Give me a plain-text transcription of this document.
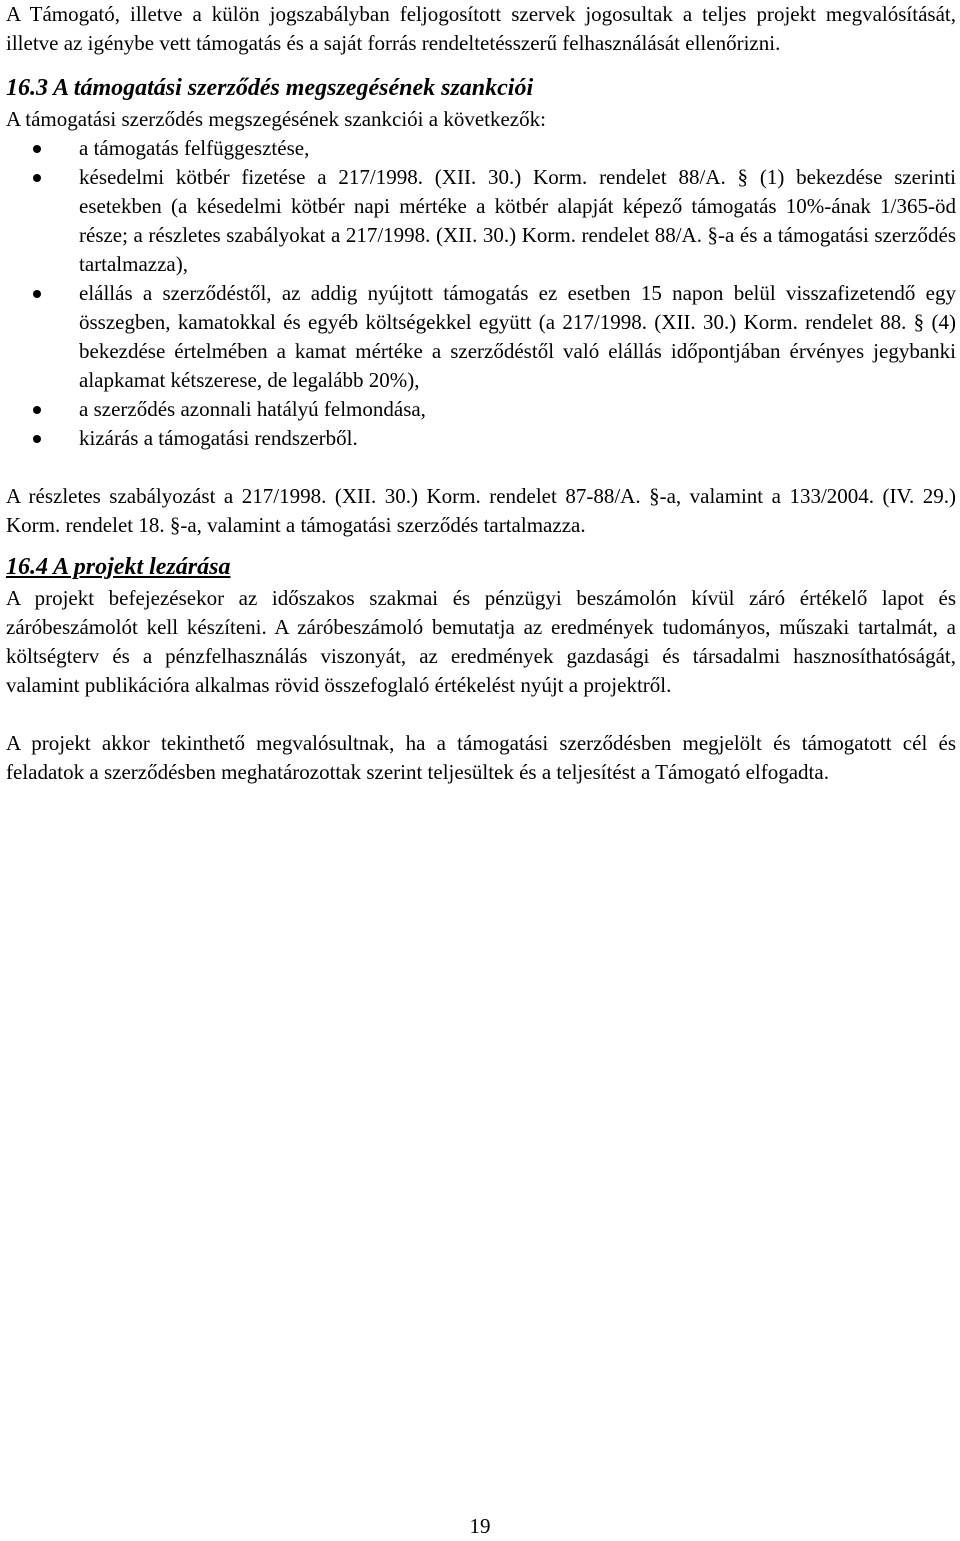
A Támogató, illetve a külön jogszabályban feljogosított szervek jogosultak a teljes projekt megvalósítását, illetve az igénybe vett támogatás és a saját forrás rendeltetésszerű felhasználását ellenőrizni.

16.3 A támogatási szerződés megszegésének szankciói

A támogatási szerződés megszegésének szankciói a következők:

a támogatás felfüggesztése,
késedelmi kötbér fizetése a 217/1998. (XII. 30.) Korm. rendelet 88/A. § (1) bekezdése szerinti esetekben (a késedelmi kötbér napi mértéke a kötbér alapját képező támogatás 10%-ának 1/365-öd része; a részletes szabályokat a 217/1998. (XII. 30.) Korm. rendelet 88/A. §-a és a támogatási szerződés tartalmazza),
elállás a szerződéstől, az addig nyújtott támogatás ez esetben 15 napon belül visszafizetendő egy összegben, kamatokkal és egyéb költségekkel együtt (a 217/1998. (XII. 30.) Korm. rendelet 88. § (4) bekezdése értelmében a kamat mértéke a szerződéstől való elállás időpontjában érvényes jegybanki alapkamat kétszerese, de legalább 20%),
a szerződés azonnali hatályú felmondása,
kizárás a támogatási rendszerből.

A részletes szabályozást a 217/1998. (XII. 30.) Korm. rendelet 87-88/A. §-a, valamint a 133/2004. (IV. 29.) Korm. rendelet 18. §-a, valamint a támogatási szerződés tartalmazza.

16.4 A projekt lezárása

A projekt befejezésekor az időszakos szakmai és pénzügyi beszámolón kívül záró értékelő lapot és záróbeszámolót kell készíteni. A záróbeszámoló bemutatja az eredmények tudományos, műszaki tartalmát, a költségterv és a pénzfelhasználás viszonyát, az eredmények gazdasági és társadalmi hasznosíthatóságát, valamint publikációra alkalmas rövid összefoglaló értékelést nyújt a projektről.

A projekt akkor tekinthető megvalósultnak, ha a támogatási szerződésben megjelölt és támogatott cél és feladatok a szerződésben meghatározottak szerint teljesültek és a teljesítést a Támogató elfogadta.

19
